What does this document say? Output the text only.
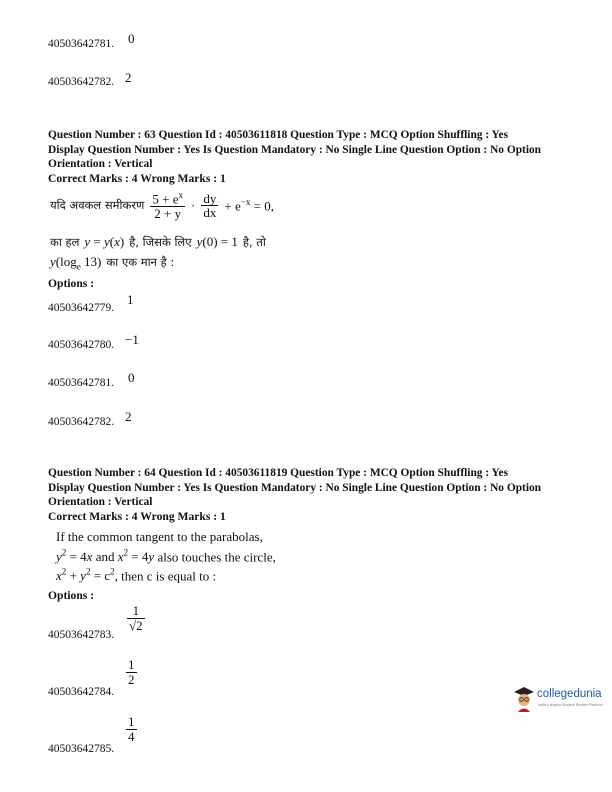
40503642781. 0
40503642782. 2
Question Number : 63 Question Id : 40503611818 Question Type : MCQ Option Shuffling : Yes
Display Question Number : Yes Is Question Mandatory : No Single Line Question Option : No Option
Orientation : Vertical
Correct Marks : 4 Wrong Marks : 1
यदि अवकल समीकरण $\frac{5 + e^x}{2 + y} \cdot \frac{dy}{dx} + e^{-x} = 0$,
का हल y = y(x) है, जिसके लिए y(0) = 1 है, तो
$y(\log_e$ 13) का एक मान है :
Options :
40503642779.
1
40503642780. −1
40503642781. 0
40503642782. 2
Question Number : 64 Question Id : 40503611819 Question Type : MCQ Option Shuffling : Yes
Display Question Number : Yes Is Question Mandatory : No Single Line Question Option : No Option
Orientation : Vertical
Correct Marks : 4 Wrong Marks : 1
If the common tangent to the parabolas,
$y^2 = 4x$ and $x^2 = 4y$ also touches the circle,
$x^2 + y^2 = c^2$, then c is equal to :
Options :
40503642783.
$\frac{1}{√2}$
40503642784.
$\frac{1}{2}$
40503642785.
$\frac{1}{4}$
collegedunia
India's largest Student Review Platform
